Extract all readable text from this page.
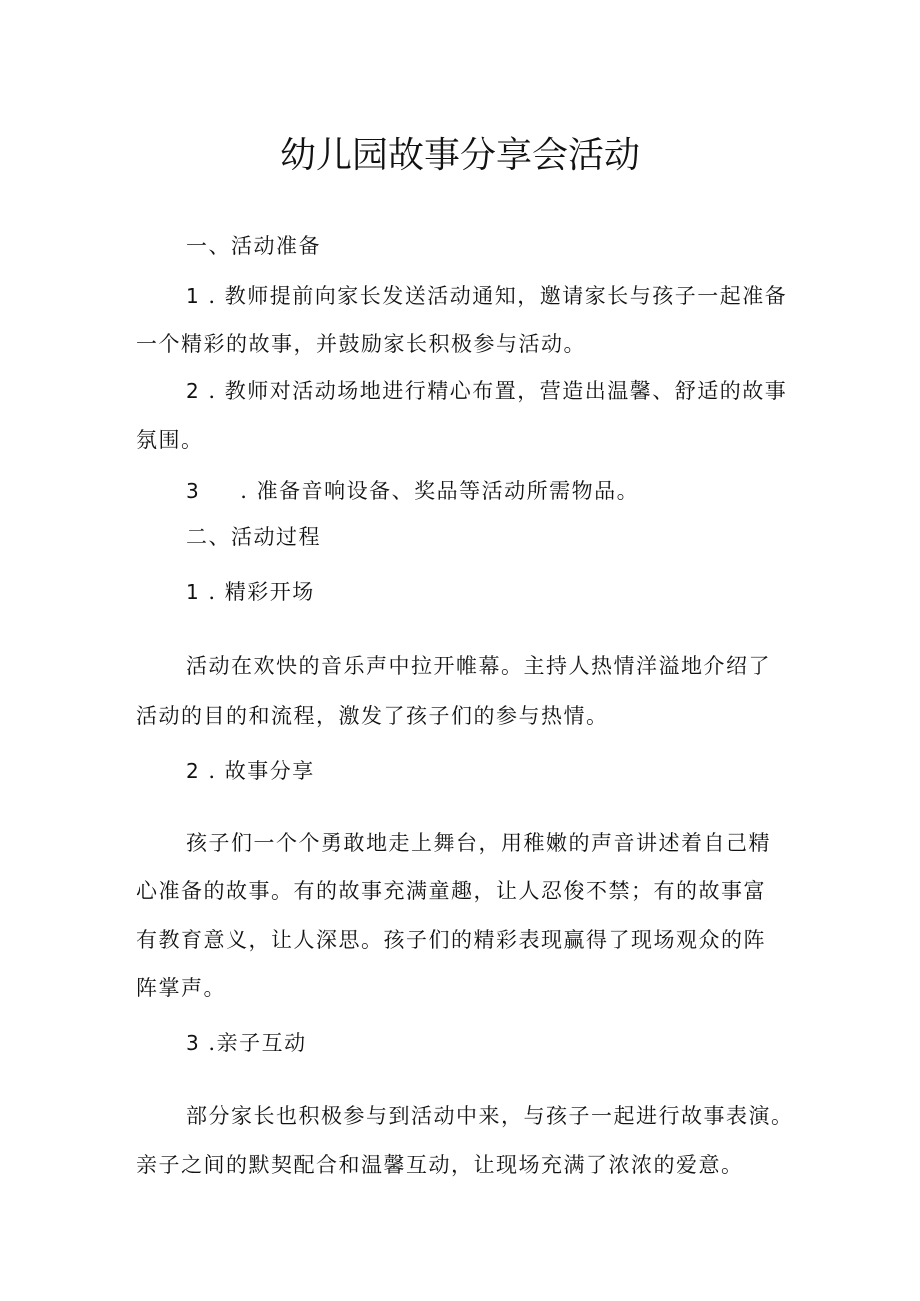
幼儿园故事分享会活动
一、活动准备
1 . 教师提前向家长发送活动通知，邀请家长与孩子一起准备
一个精彩的故事，并鼓励家长积极参与活动。
2 . 教师对活动场地进行精心布置，营造出温馨、舒适的故事
氛围。
3 . 准备音响设备、奖品等活动所需物品。
二、活动过程
1 . 精彩开场
活动在欢快的音乐声中拉开帷幕。主持人热情洋溢地介绍了
活动的目的和流程，激发了孩子们的参与热情。
2 . 故事分享
孩子们一个个勇敢地走上舞台，用稚嫩的声音讲述着自己精
心准备的故事。有的故事充满童趣，让人忍俊不禁；有的故事富
有教育意义，让人深思。孩子们的精彩表现赢得了现场观众的阵
阵掌声。
3 .亲子互动
部分家长也积极参与到活动中来，与孩子一起进行故事表演。
亲子之间的默契配合和温馨互动，让现场充满了浓浓的爱意。
